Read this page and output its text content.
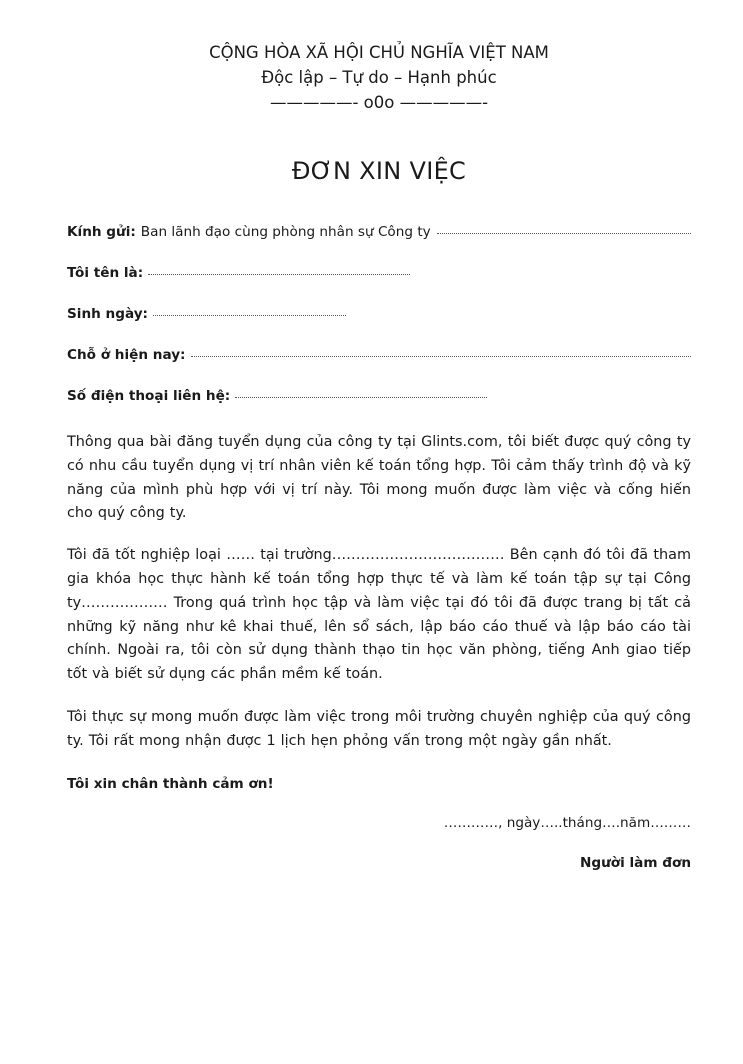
CỘNG HÒA XÃ HỘI CHỦ NGHĨA VIỆT NAM
Độc lập – Tự do – Hạnh phúc
—————- o0o —————-
ĐƠN XIN VIỆC
Kính gửi: Ban lãnh đạo cùng phòng nhân sự Công ty
Tôi tên là:
Sinh ngày:
Chỗ ở hiện nay:
Số điện thoại liên hệ:

Thông qua bài đăng tuyển dụng của công ty tại Glints.com, tôi biết được quý công ty có nhu cầu tuyển dụng vị trí nhân viên kế toán tổng hợp. Tôi cảm thấy trình độ và kỹ năng của mình phù hợp với vị trí này. Tôi mong muốn được làm việc và cống hiến cho quý công ty.

Tôi đã tốt nghiệp loại …… tại trường……………………………… Bên cạnh đó tôi đã tham gia khóa học thực hành kế toán tổng hợp thực tế và làm kế toán tập sự tại Công ty……………… Trong quá trình học tập và làm việc tại đó tôi đã được trang bị tất cả những kỹ năng như kê khai thuế, lên sổ sách, lập báo cáo thuế và lập báo cáo tài chính. Ngoài ra, tôi còn sử dụng thành thạo tin học văn phòng, tiếng Anh giao tiếp tốt và biết sử dụng các phần mềm kế toán.

Tôi thực sự mong muốn được làm việc trong môi trường chuyên nghiệp của quý công ty. Tôi rất mong nhận được 1 lịch hẹn phỏng vấn trong một ngày gần nhất.

Tôi xin chân thành cảm ơn!
…………, ngày…..tháng….năm………
Người làm đơn
